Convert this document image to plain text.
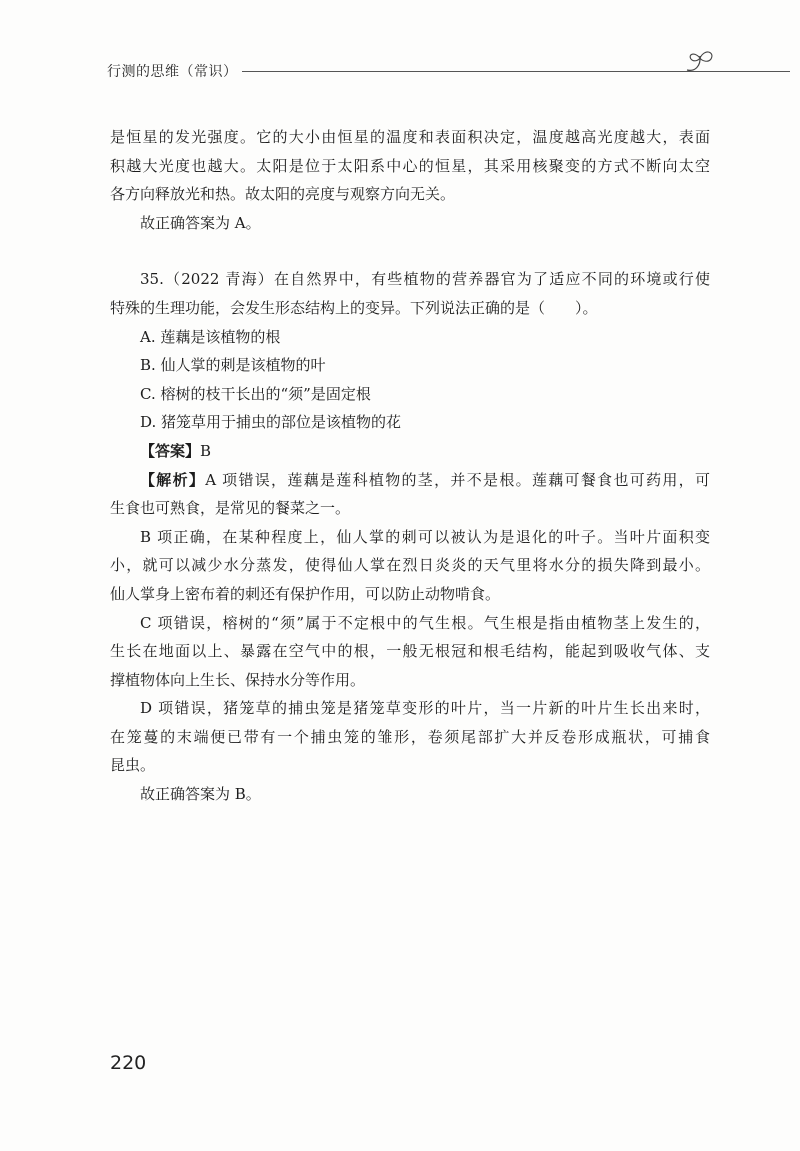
行测的思维（常识）

是恒星的发光强度。它的大小由恒星的温度和表面积决定，温度越高光度越大，表面

积越大光度也越大。太阳是位于太阳系中心的恒星，其采用核聚变的方式不断向太空

各方向释放光和热。故太阳的亮度与观察方向无关。

故正确答案为 A。

35.（2022 青海）在自然界中，有些植物的营养器官为了适应不同的环境或行使

特殊的生理功能，会发生形态结构上的变异。下列说法正确的是（　　）。

A. 莲藕是该植物的根

B. 仙人掌的刺是该植物的叶

C. 榕树的枝干长出的“须”是固定根

D. 猪笼草用于捕虫的部位是该植物的花

【答案】B

【解析】A 项错误，莲藕是莲科植物的茎，并不是根。莲藕可餐食也可药用，可

生食也可熟食，是常见的餐菜之一。

B 项正确，在某种程度上，仙人掌的刺可以被认为是退化的叶子。当叶片面积变

小，就可以减少水分蒸发，使得仙人掌在烈日炎炎的天气里将水分的损失降到最小。

仙人掌身上密布着的刺还有保护作用，可以防止动物啃食。

C 项错误，榕树的“须”属于不定根中的气生根。气生根是指由植物茎上发生的，

生长在地面以上、暴露在空气中的根，一般无根冠和根毛结构，能起到吸收气体、支

撑植物体向上生长、保持水分等作用。

D 项错误，猪笼草的捕虫笼是猪笼草变形的叶片，当一片新的叶片生长出来时，

在笼蔓的末端便已带有一个捕虫笼的雏形，卷须尾部扩大并反卷形成瓶状，可捕食

昆虫。

故正确答案为 B。

220
